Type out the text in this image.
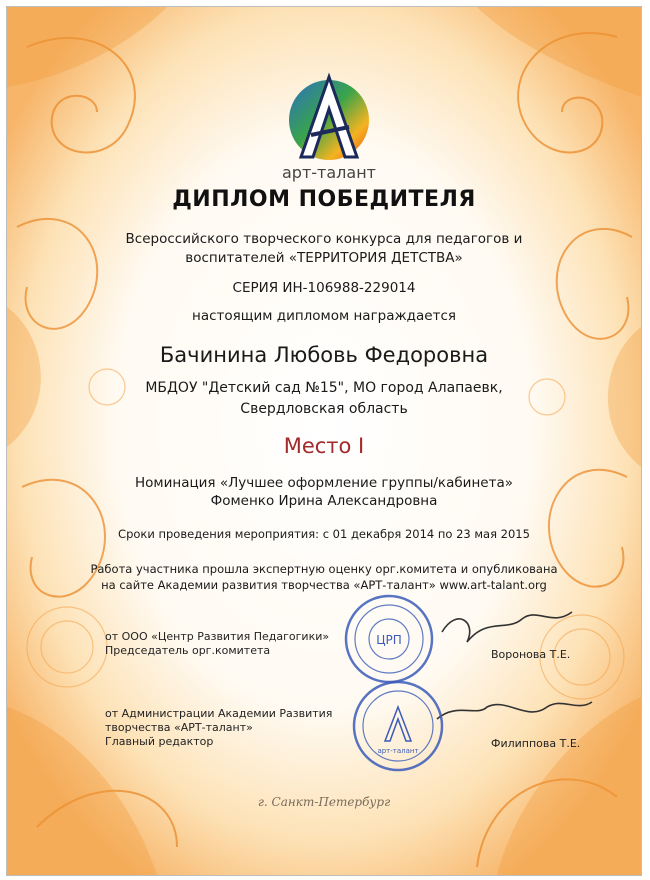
арт-талант
ДИПЛОМ ПОБЕДИТЕЛЯ
Всероссийского творческого конкурса для педагогов и
воспитателей «ТЕРРИТОРИЯ ДЕТСТВА»
СЕРИЯ ИН-106988-229014
настоящим дипломом награждается
Бачинина Любовь Федоровна
МБДОУ "Детский сад №15", МО город Алапаевк,
Свердловская область
Место I
Номинация «Лучшее оформление группы/кабинета»
Фоменко Ирина Александровна
Сроки проведения мероприятия: с 01 декабря 2014 по 23 мая 2015
Работа участника прошла экспертную оценку орг.комитета и опубликована
на сайте Академии развития творчества «АРТ-талант» www.art-talant.org
ЦРП
арт-талант
от ООО «Центр Развития Педагогики»
Председатель орг.комитета	Воронова Т.Е.
от Администрации Академии Развития
творчества «АРТ-талант»
Главный редактор	Филиппова Т.Е.
г. Санкт-Петербург
